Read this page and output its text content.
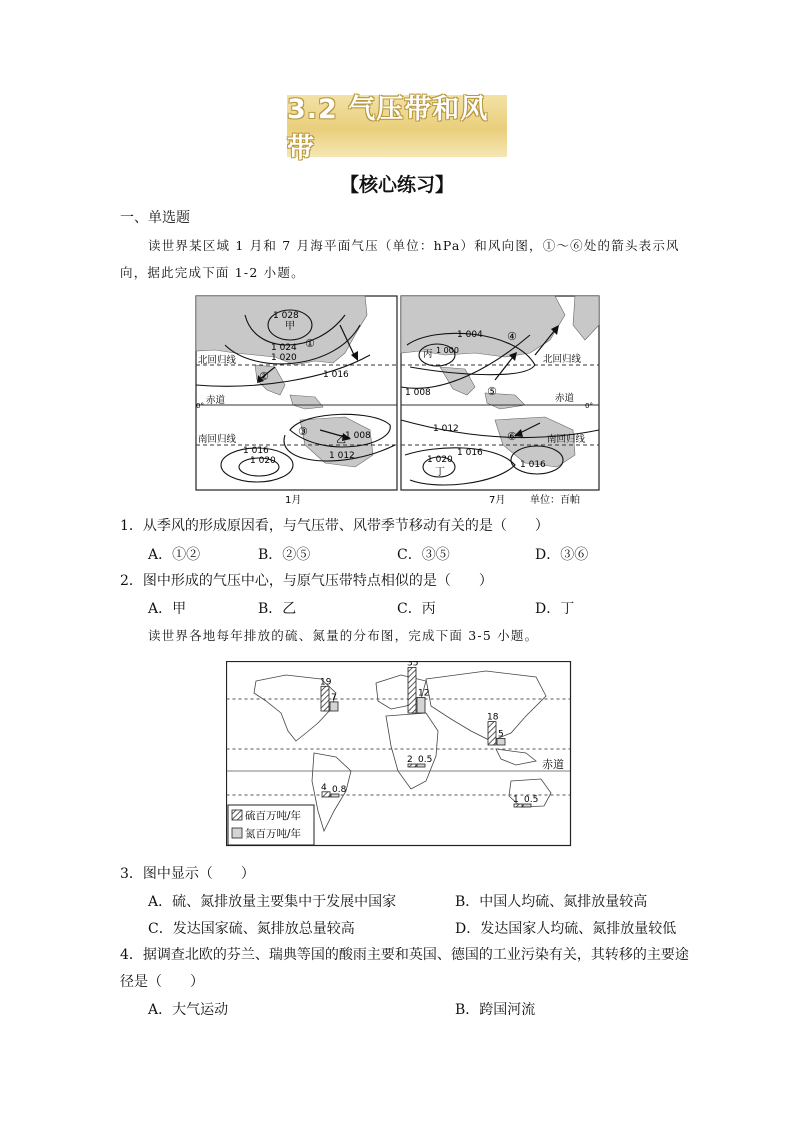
3.2 气压带和风带
【核心练习】
一、单选题
读世界某区域 1 月和 7 月海平面气压（单位：hPa）和风向图，①～⑥处的箭头表示风
向，据此完成下面 1-2 小题。
1 028
甲
1 024
1 020
①
②
北回归线
1 016
0° 赤道
南回归线
③	1 008
乙
1 012
1 016
1 020
1 004
丙 1 000
④
⑤
北回归线
1 008	赤道
0°
1 012
⑥	南回归线
1 016
1 020
丁
1 016
1月	7月 单位：百帕
1．从季风的形成原因看，与气压带、风带季节移动有关的是（　　）
A．①②	B．②⑤	C．③⑤	D．③⑥
2．图中形成的气压中心，与原气压带特点相似的是（　　）
A．甲	B．乙	C．丙	D．丁
读世界各地每年排放的硫、氮量的分布图，完成下面 3-5 小题。
赤道
19
7
35
12
18
5
2 0.5
4 0.8
1 0.5
硫百万吨/年
氮百万吨/年
3．图中显示（　　）
A．硫、氮排放量主要集中于发展中国家	B．中国人均硫、氮排放量较高
C．发达国家硫、氮排放总量较高	D．发达国家人均硫、氮排放量较低
4．据调查北欧的芬兰、瑞典等国的酸雨主要和英国、德国的工业污染有关，其转移的主要途
径是（　　）
A．大气运动	B．跨国河流
